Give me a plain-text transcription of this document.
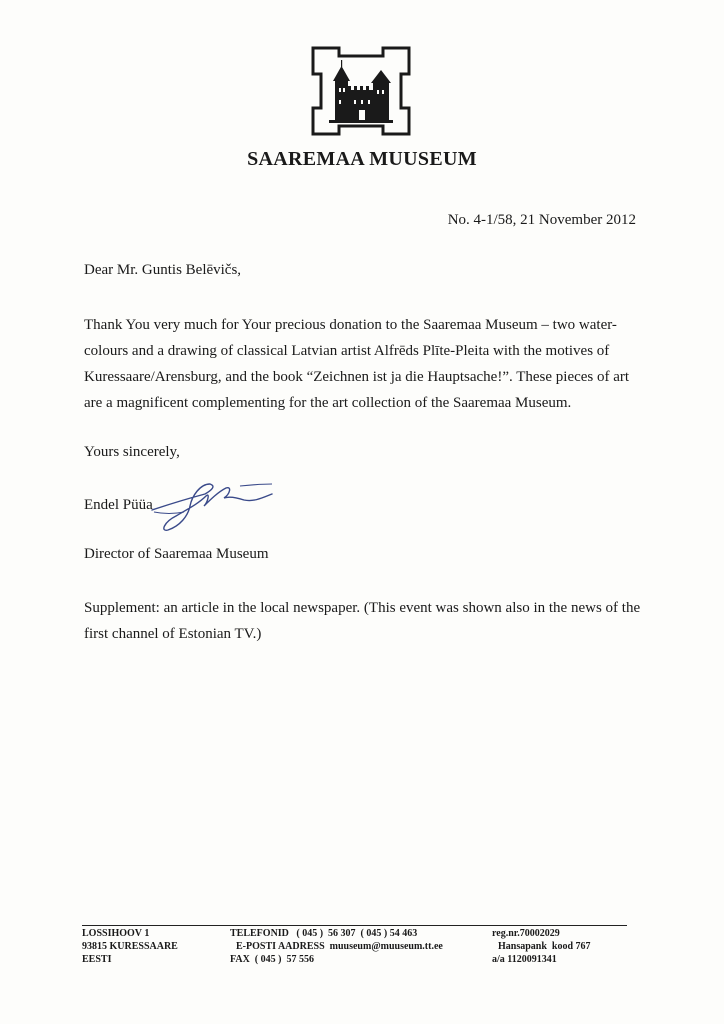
SAAREMAA MUUSEUM
No. 4-1/58, 21 November 2012
Dear Mr. Guntis Belēvičs,
Thank You very much for Your precious donation to the Saaremaa Museum – two water-colours and a drawing of classical Latvian artist Alfrēds Plīte-Pleita with the motives of Kuressaare/Arensburg, and the book “Zeichnen ist ja die Hauptsache!”. These pieces of art are a magnificent complementing for the art collection of the Saaremaa Museum.
Yours sincerely,
Endel Püüa
Director of Saaremaa Museum
Supplement: an article in the local newspaper. (This event was shown also in the news of the first channel of Estonian TV.)
LOSSIHOOV 1
93815 KURESSAARE
EESTI
TELEFONID   ( 045 )  56 307  ( 045 ) 54 463
E-POSTI AADRESS  muuseum@muuseum.tt.ee
FAX  ( 045 )  57 556
reg.nr.70002029
Hansapank  kood 767
a/a 1120091341
